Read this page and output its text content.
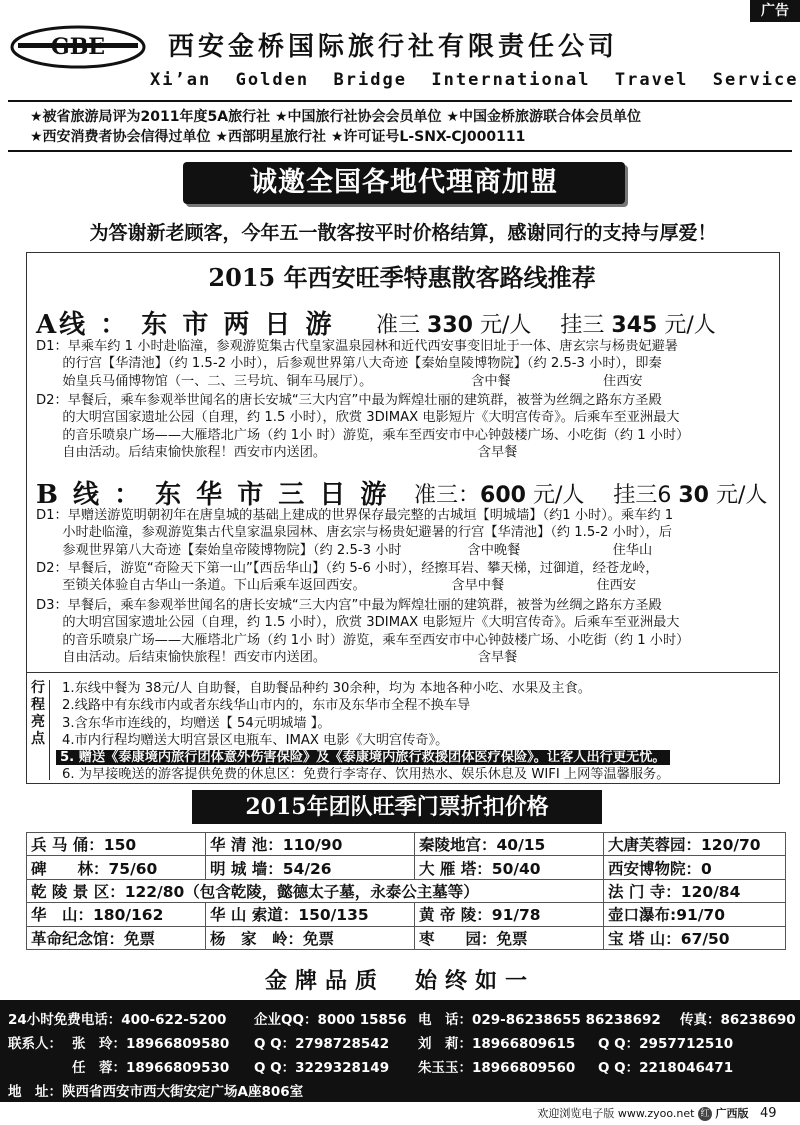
广告
GBE 西安金桥国际旅行社有限责任公司
Xi’an  Golden  Bridge  International  Travel  Service
★被省旅游局评为2011年度5A旅行社 ★中国旅行社协会会员单位 ★中国金桥旅游联合体会员单位
★西安消费者协会信得过单位 ★西部明星旅行社 ★许可证号L-SNX-CJ000111
诚邀全国各地代理商加盟
为答谢新老顾客，今年五一散客按平时价格结算，感谢同行的支持与厚爱！
2015 年西安旺季特惠散客路线推荐
A线 ： 东 市 两 日 游 准三 330 元/人　 挂三 345 元/人
D1：早乘车约 1 小时赴临潼，参观游览集古代皇家温泉园林和近代西安事变旧址于一体、唐玄宗与杨贵妃避暑
　　的行宫【华清池】（约 1.5-2 小时），后参观世界第八大奇迹【秦始皇陵博物院】（约 2.5-3 小时），即秦
　　始皇兵马俑博物馆（一、二、三号坑、铜车马展厅）。　　　　　　　　含中餐　　　　　　　住西安
D2：早餐后，乘车参观举世闻名的唐长安城“三大内宫”中最为辉煌壮丽的建筑群，被誉为丝绸之路东方圣殿
　　的大明宫国家遗址公园（自理，约 1.5 小时），欣赏 3DIMAX 电影短片《大明宫传奇》。后乘车至亚洲最大
　　的音乐喷泉广场——大雁塔北广场（约 1小 时）游览，乘车至西安市中心钟鼓楼广场、小吃街（约 1 小时）
　　自由活动。后结束愉快旅程！西安市内送团。　　　　　　　　　　　　含早餐
B 线 ： 东 华 市 三 日 游 准三：600 元/人　 挂三6 30 元/人
D1：早赠送游览明朝初年在唐皇城的基础上建成的世界保存最完整的古城垣【明城墙】（约1 小时）。乘车约 1
　　小时赴临潼，参观游览集古代皇家温泉园林、唐玄宗与杨贵妃避暑的行宫【华清池】（约 1.5-2 小时），后
　　参观世界第八大奇迹【秦始皇帝陵博物院】（约 2.5-3 小时　　　　　含中晚餐　　　　　　　住华山
D2：早餐后，游览“奇险天下第一山”【西岳华山】（约 5-6 小时），经擦耳岩、攀天梯，过御道，经苍龙岭，
　　至锁关体验自古华山一条道。下山后乘车返回西安。　　　　　　　含早中餐　　　　　　　住西安
D3：早餐后，乘车参观举世闻名的唐长安城“三大内宫”中最为辉煌壮丽的建筑群，被誉为丝绸之路东方圣殿
　　的大明宫国家遗址公园（自理，约 1.5 小时），欣赏 3DIMAX 电影短片《大明宫传奇》。后乘车至亚洲最大
　　的音乐喷泉广场——大雁塔北广场（约 1小 时）游览，乘车至西安市中心钟鼓楼广场、小吃街（约 1 小时）
　　自由活动。后结束愉快旅程！西安市内送团。　　　　　　　　　　　　含早餐
行程亮点
1.东线中餐为 38元/人 自助餐，自助餐品种约 30余种，均为 本地各种小吃、水果及主食。
2.线路中有东线市内或者东线华山市内的，东市及东华市全程不换车导
3.含东华市连线的，均赠送【 54元明城墙 】。
4.市内行程均赠送大明宫景区电瓶车、IMAX 电影《大明宫传奇》。
5. 赠送《泰康境内旅行团体意外伤害保险》及《泰康境内旅行救援团体医疗保险》。让客人出行更无忧。
6. 为早接晚送的游客提供免费的休息区：免费行李寄存、饮用热水、娱乐休息及 WIFI 上网等温馨服务。
2015年团队旺季门票折扣价格
兵 马 俑：150	华 清 池：110/90	秦陵地宫：40/15	大唐芙蓉园：120/70
碑　　林：75/60	明 城 墙：54/26	大 雁 塔：50/40	西安博物院：0
乾 陵 景 区：122/80（包含乾陵，懿德太子墓，永泰公主墓等）			法 门 寺：120/84
华　山：180/162	华 山 索道：150/135	黄 帝 陵：91/78	壶口瀑布:91/70
革命纪念馆：免票	杨　家　岭：免票	枣　　园：免票	宝 塔 山：67/50
金牌品质　始终如一
24小时免费电话：400-622-5200 企业QQ：8000 15856 电　话：029-86238655 86238692 传真：86238690
联系人： 张　玲：18966809580 Q Q：2798728542 刘　莉：18966809615 Q Q：2957712510
任　蓉：18966809530 Q Q：3229328149 朱玉玉：18966809560 Q Q：2218046471
地　址：陕西省西安市西大街安定广场A座806室
欢迎浏览电子版 www.zyoo.net 红 广西版 49
